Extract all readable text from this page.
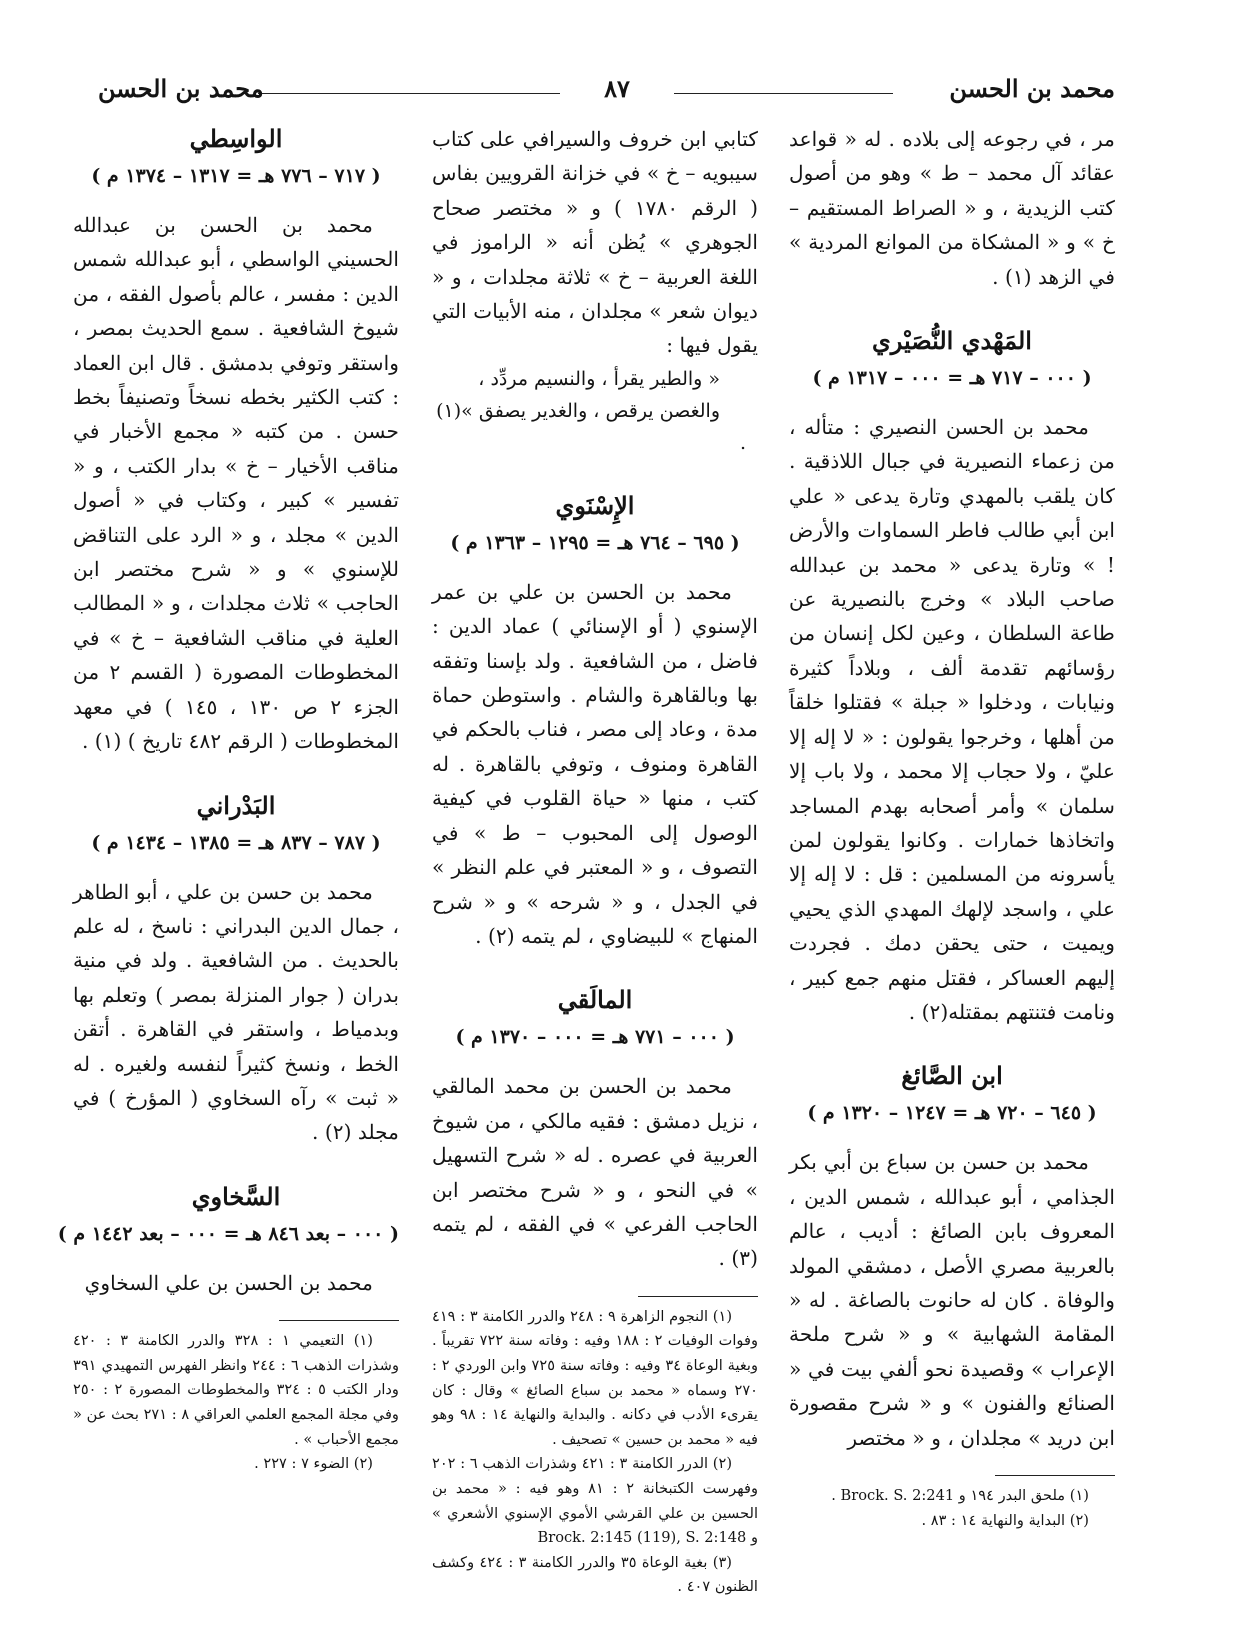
محمد بن الحسن
٨٧
محمد بن الحسن

مر ، في رجوعه إلى بلاده . له « قواعد عقائد آل محمد – ط » وهو من أصول كتب الزيدية ، و « الصراط المستقيم – خ » و « المشكاة من الموانع المردية » في الزهد (١) .

المَهْدي النُّصَيْري
( ٠٠٠ – ٧١٧ هـ = ٠٠٠ – ١٣١٧ م )

محمد بن الحسن النصيري : متأله ، من زعماء النصيرية في جبال اللاذقية . كان يلقب بالمهدي وتارة يدعى « علي ابن أبي طالب فاطر السماوات والأرض ! » وتارة يدعى « محمد بن عبدالله صاحب البلاد » وخرج بالنصيرية عن طاعة السلطان ، وعين لكل إنسان من رؤسائهم تقدمة ألف ، وبلاداً كثيرة ونيابات ، ودخلوا « جبلة » فقتلوا خلقاً من أهلها ، وخرجوا يقولون : « لا إله إلا عليّ ، ولا حجاب إلا محمد ، ولا باب إلا سلمان » وأمر أصحابه بهدم المساجد واتخاذها خمارات . وكانوا يقولون لمن يأسرونه من المسلمين : قل : لا إله إلا علي ، واسجد لإلهك المهدي الذي يحيي ويميت ، حتى يحقن دمك . فجردت إليهم العساكر ، فقتل منهم جمع كبير ، ونامت فتنتهم بمقتله(٢) .

ابن الصَّائغ
( ٦٤٥ – ٧٢٠ هـ = ١٢٤٧ – ١٣٢٠ م )

محمد بن حسن بن سباع بن أبي بكر الجذامي ، أبو عبدالله ، شمس الدين ، المعروف بابن الصائغ : أديب ، عالم بالعربية مصري الأصل ، دمشقي المولد والوفاة . كان له حانوت بالصاغة . له « المقامة الشهابية » و « شرح ملحة الإعراب » وقصيدة نحو ألفي بيت في « الصنائع والفنون » و « شرح مقصورة ابن دريد » مجلدان ، و « مختصر

(١) ملحق البدر ١٩٤ و Brock. S. 2:241 .

(٢) البداية والنهاية ١٤ : ٨٣ .

كتابي ابن خروف والسيرافي على كتاب سيبويه – خ » في خزانة القرويين بفاس ( الرقم ١٧٨٠ ) و « مختصر صحاح الجوهري » يُظن أنه « الراموز في اللغة العربية – خ » ثلاثة مجلدات ، و « ديوان شعر » مجلدان ، منه الأبيات التي يقول فيها :

« والطير يقرأ ، والنسيم مردِّد ،

والغصن يرقص ، والغدير يصفق »(١) .

الإِسْنَوي
( ٦٩٥ – ٧٦٤ هـ = ١٢٩٥ – ١٣٦٣ م )

محمد بن الحسن بن علي بن عمر الإسنوي ( أو الإسنائي ) عماد الدين : فاضل ، من الشافعية . ولد بإسنا وتفقه بها وبالقاهرة والشام . واستوطن حماة مدة ، وعاد إلى مصر ، فناب بالحكم في القاهرة ومنوف ، وتوفي بالقاهرة . له كتب ، منها « حياة القلوب في كيفية الوصول إلى المحبوب – ط » في التصوف ، و « المعتبر في علم النظر » في الجدل ، و « شرحه » و « شرح المنهاج » للبيضاوي ، لم يتمه (٢) .

المالَقي
( ٠٠٠ – ٧٧١ هـ = ٠٠٠ – ١٣٧٠ م )

محمد بن الحسن بن محمد المالقي ، نزيل دمشق : فقيه مالكي ، من شيوخ العربية في عصره . له « شرح التسهيل » في النحو ، و « شرح مختصر ابن الحاجب الفرعي » في الفقه ، لم يتمه (٣) .

(١) النجوم الزاهرة ٩ : ٢٤٨ والدرر الكامنة ٣ : ٤١٩ وفوات الوفيات ٢ : ١٨٨ وفيه : وفاته سنة ٧٢٢ تقريباً . وبغية الوعاة ٣٤ وفيه : وفاته سنة ٧٢٥ وابن الوردي ٢ : ٢٧٠ وسماه « محمد بن سباع الصائغ » وقال : كان يقرىء الأدب في دكانه . والبداية والنهاية ١٤ : ٩٨ وهو فيه « محمد بن حسين » تصحيف .

(٢) الدرر الكامنة ٣ : ٤٢١ وشذرات الذهب ٦ : ٢٠٢ وفهرست الكتبخانة ٢ : ٨١ وهو فيه : « محمد بن الحسين بن علي القرشي الأموي الإسنوي الأشعري » و Brock. 2:145 (119), S. 2:148

(٣) بغية الوعاة ٣٥ والدرر الكامنة ٣ : ٤٢٤ وكشف الظنون ٤٠٧ .

الواسِطي
( ٧١٧ – ٧٧٦ هـ = ١٣١٧ – ١٣٧٤ م )

محمد بن الحسن بن عبدالله الحسيني الواسطي ، أبو عبدالله شمس الدين : مفسر ، عالم بأصول الفقه ، من شيوخ الشافعية . سمع الحديث بمصر ، واستقر وتوفي بدمشق . قال ابن العماد : كتب الكثير بخطه نسخاً وتصنيفاً بخط حسن . من كتبه « مجمع الأخبار في مناقب الأخيار – خ » بدار الكتب ، و « تفسير » كبير ، وكتاب في « أصول الدين » مجلد ، و « الرد على التناقض للإسنوي » و « شرح مختصر ابن الحاجب » ثلاث مجلدات ، و « المطالب العلية في مناقب الشافعية – خ » في المخطوطات المصورة ( القسم ٢ من الجزء ٢ ص ١٣٠ ، ١٤٥ ) في معهد المخطوطات ( الرقم ٤٨٢ تاريخ ) (١) .

البَدْراني
( ٧٨٧ – ٨٣٧ هـ = ١٣٨٥ – ١٤٣٤ م )

محمد بن حسن بن علي ، أبو الطاهر ، جمال الدين البدراني : ناسخ ، له علم بالحديث . من الشافعية . ولد في منية بدران ( جوار المنزلة بمصر ) وتعلم بها وبدمياط ، واستقر في القاهرة . أتقن الخط ، ونسخ كثيراً لنفسه ولغيره . له « ثبت » رآه السخاوي ( المؤرخ ) في مجلد (٢) .

السَّخاوي
( ٠٠٠ – بعد ٨٤٦ هـ = ٠٠٠ – بعد ١٤٤٢ م )

محمد بن الحسن بن علي السخاوي

(١) التعيمي ١ : ٣٢٨ والدرر الكامنة ٣ : ٤٢٠ وشذرات الذهب ٦ : ٢٤٤ وانظر الفهرس التمهيدي ٣٩١ ودار الكتب ٥ : ٣٢٤ والمخطوطات المصورة ٢ : ٢٥٠ وفي مجلة المجمع العلمي العراقي ٨ : ٢٧١ بحث عن « مجمع الأحباب » .

(٢) الضوء ٧ : ٢٢٧ .
